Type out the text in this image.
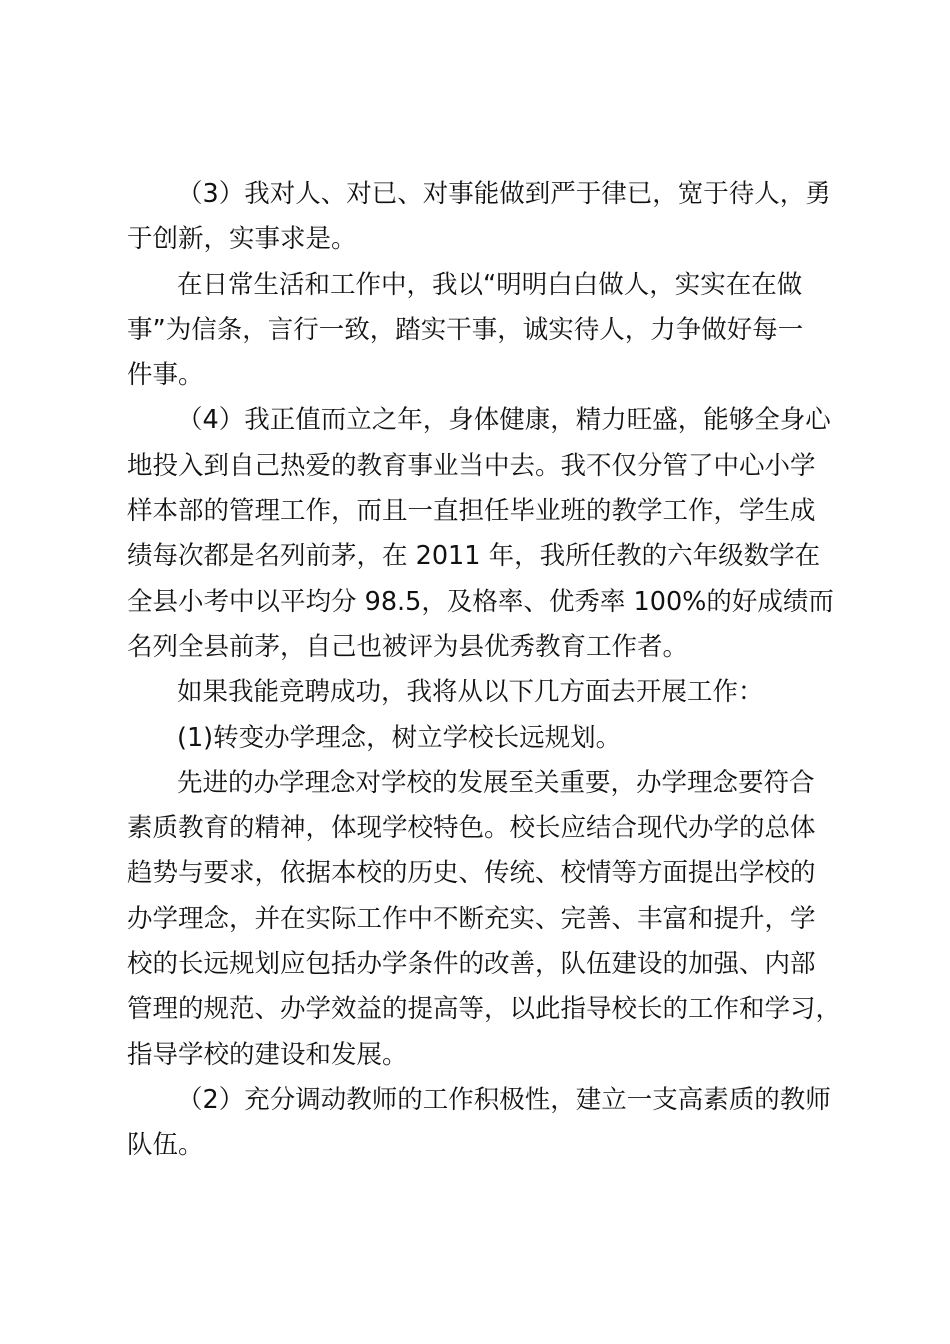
（3）我对人、对已、对事能做到严于律已，宽于待人，勇
于创新，实事求是。
在日常生活和工作中，我以“明明白白做人，实实在在做
事”为信条，言行一致，踏实干事，诚实待人，力争做好每一
件事。
（4）我正值而立之年，身体健康，精力旺盛，能够全身心
地投入到自己热爱的教育事业当中去。我不仅分管了中心小学
样本部的管理工作，而且一直担任毕业班的教学工作，学生成
绩每次都是名列前茅，在 2011 年，我所任教的六年级数学在
全县小考中以平均分 98.5，及格率、优秀率 100%的好成绩而
名列全县前茅，自己也被评为县优秀教育工作者。
如果我能竞聘成功，我将从以下几方面去开展工作：
(1)转变办学理念，树立学校长远规划。
先进的办学理念对学校的发展至关重要，办学理念要符合
素质教育的精神，体现学校特色。校长应结合现代办学的总体
趋势与要求，依据本校的历史、传统、校情等方面提出学校的
办学理念，并在实际工作中不断充实、完善、丰富和提升，学
校的长远规划应包括办学条件的改善，队伍建设的加强、内部
管理的规范、办学效益的提高等，以此指导校长的工作和学习，
指导学校的建设和发展。
（2）充分调动教师的工作积极性，建立一支高素质的教师
队伍。
